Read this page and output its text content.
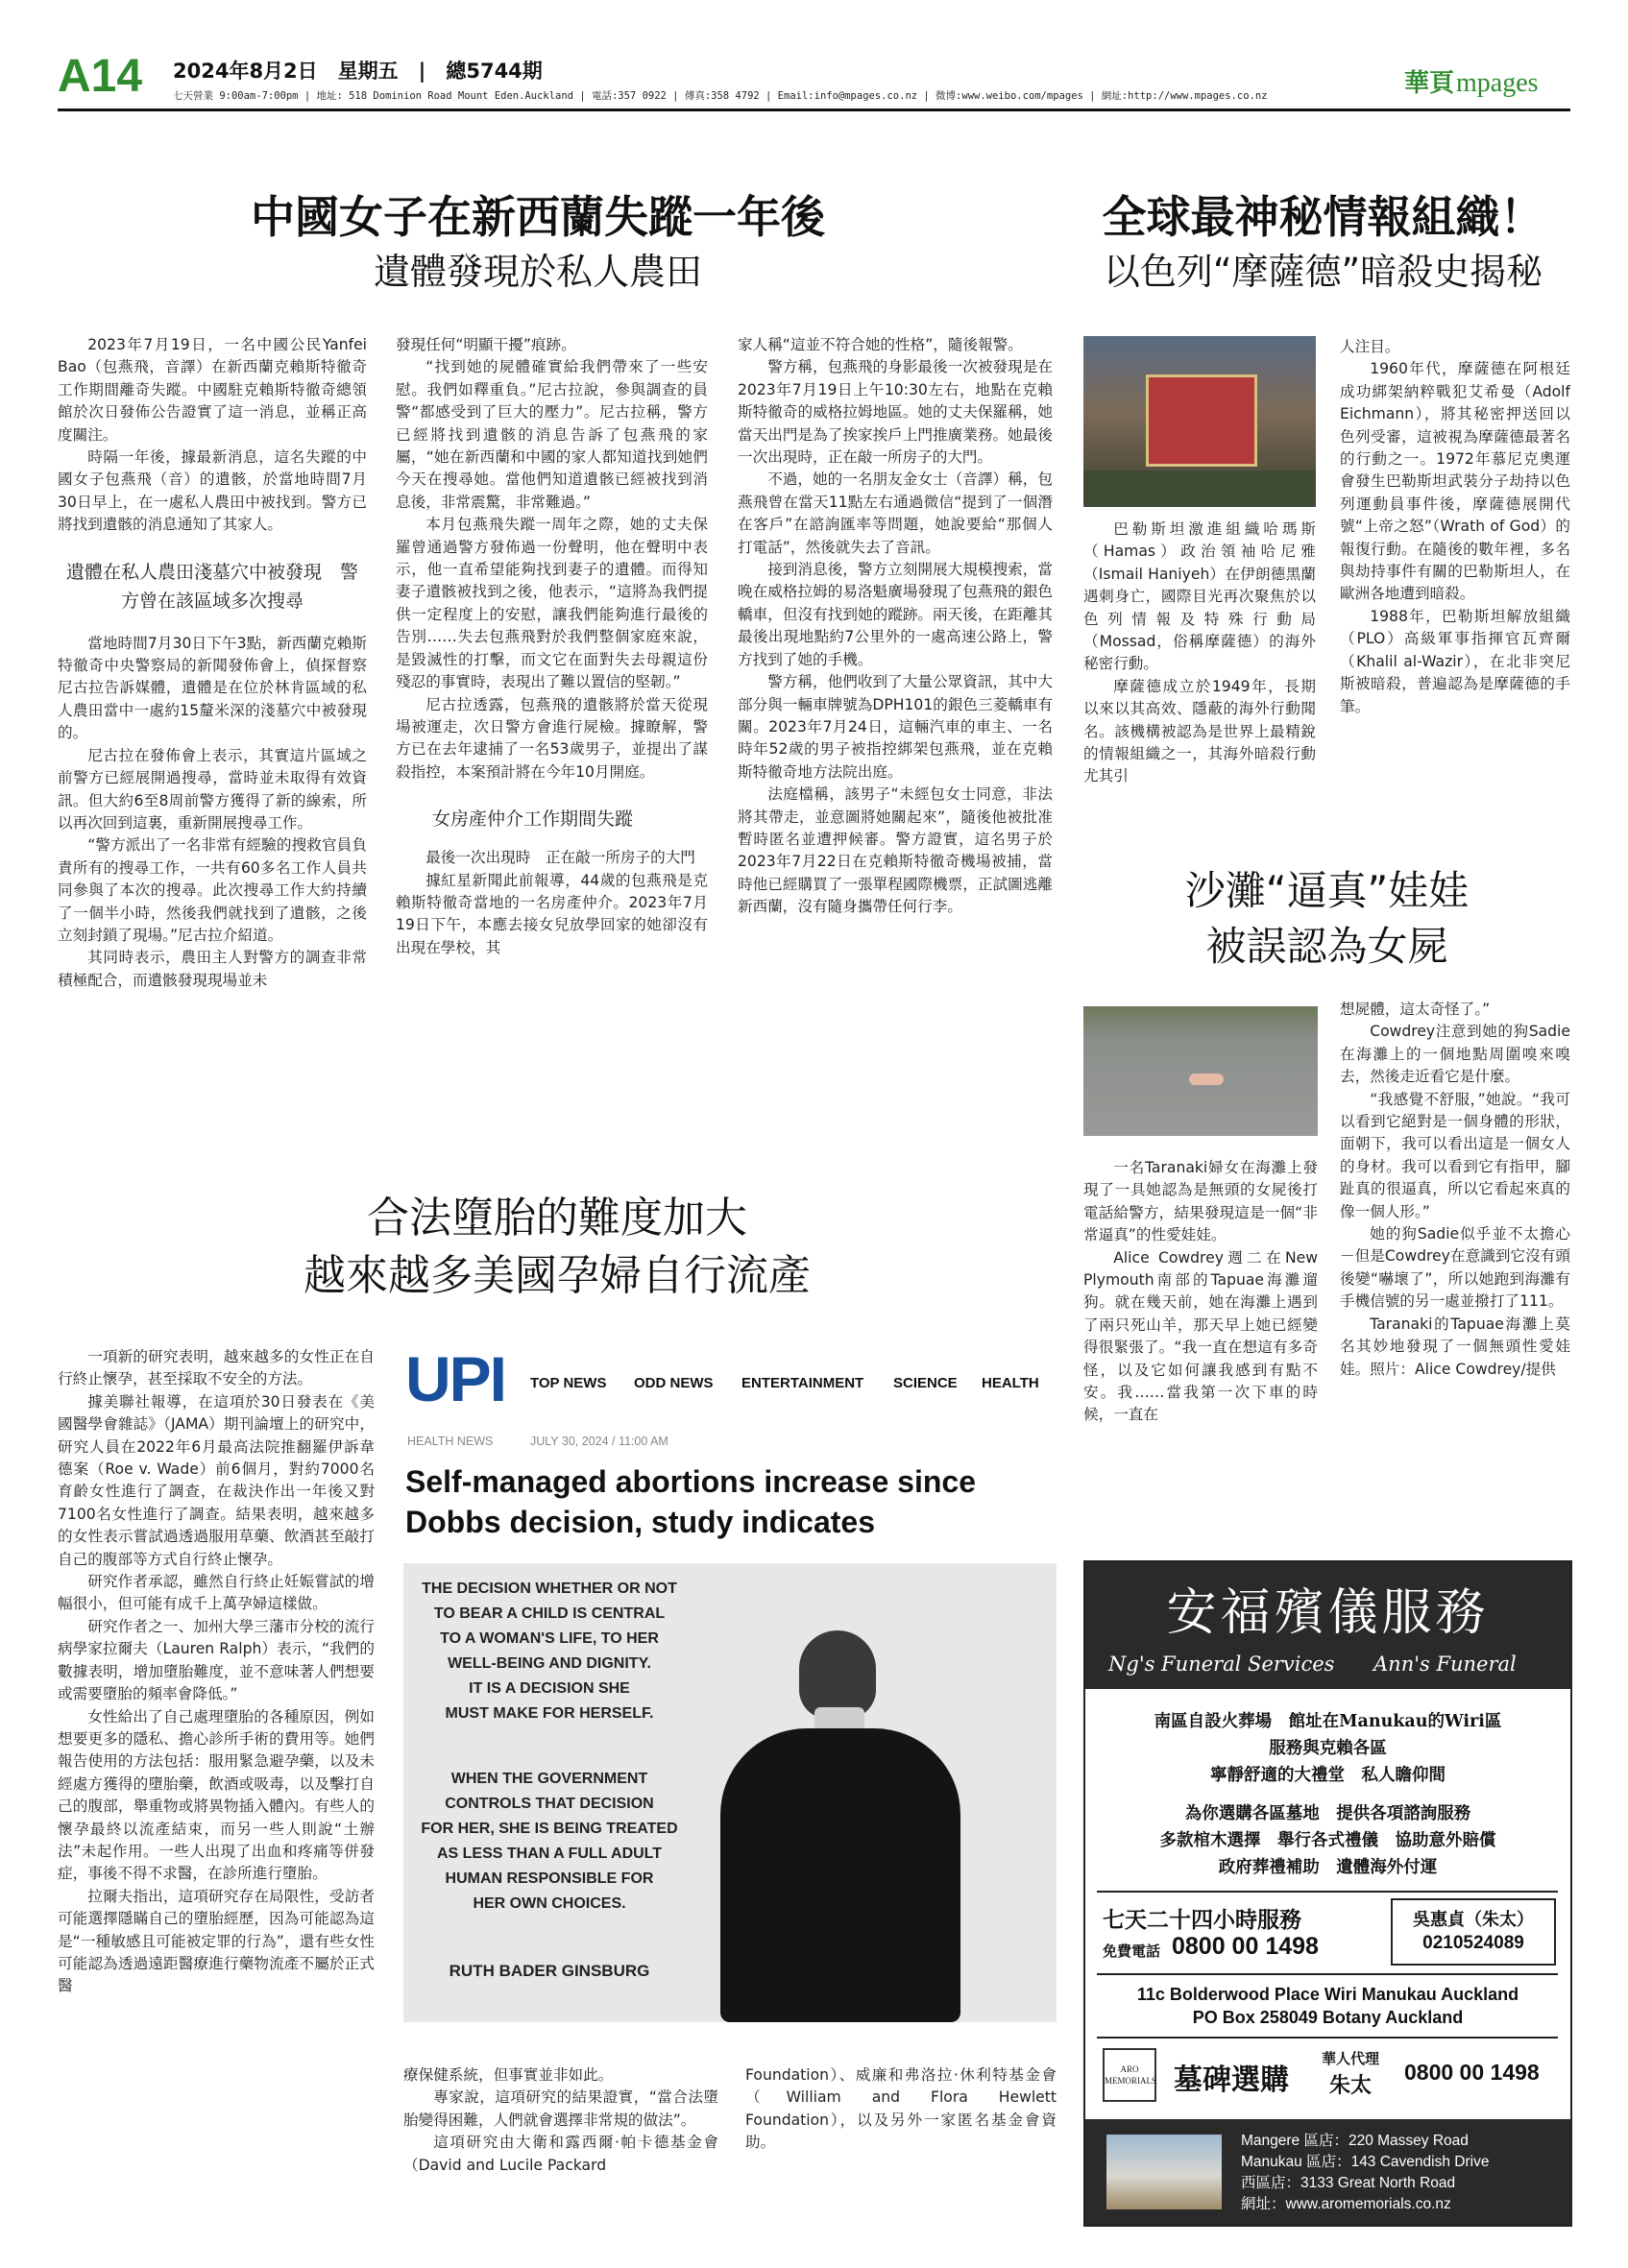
A14 2024年8月2日　星期五　|　總5744期
七天營業 9:00am-7:00pm | 地址: 518 Dominion Road Mount Eden.Auckland | 電話:357 0922 | 傳真:358 4792 | Email:info@mpages.co.nz | 微博:www.weibo.com/mpages | 網址:http://www.mpages.co.nz	華頁mpages
中國女子在新西蘭失蹤一年後
遺體發現於私人農田

2023年7月19日，一名中國公民Yanfei Bao（包燕飛，音譯）在新西蘭克賴斯特徹奇工作期間離奇失蹤。中國駐克賴斯特徹奇總領館於次日發佈公告證實了這一消息，並稱正高度關注。

時隔一年後，據最新消息，這名失蹤的中國女子包燕飛（音）的遺骸，於當地時間7月30日早上，在一處私人農田中被找到。警方已將找到遺骸的消息通知了其家人。

遺體在私人農田淺墓穴中被發現　警方曾在該區域多次搜尋

當地時間7月30日下午3點，新西蘭克賴斯特徹奇中央警察局的新聞發佈會上，偵探督察尼古拉告訴媒體，遺體是在位於林肯區域的私人農田當中一處約15釐米深的淺墓穴中被發現的。

尼古拉在發佈會上表示，其實這片區域之前警方已經展開過搜尋，當時並未取得有效資訊。但大約6至8周前警方獲得了新的線索，所以再次回到這裏，重新開展搜尋工作。

“警方派出了一名非常有經驗的搜救官員負責所有的搜尋工作，一共有60多名工作人員共同參與了本次的搜尋。此次搜尋工作大約持續了一個半小時，然後我們就找到了遺骸，之後立刻封鎖了現場。”尼古拉介紹道。

其同時表示，農田主人對警方的調查非常積極配合，而遺骸發現現場並未

發現任何“明顯干擾”痕跡。

“找到她的屍體確實給我們帶來了一些安慰。我們如釋重負。”尼古拉說，參與調查的員警“都感受到了巨大的壓力”。尼古拉稱，警方已經將找到遺骸的消息告訴了包燕飛的家屬，“她在新西蘭和中國的家人都知道找到她們今天在搜尋她。當他們知道遺骸已經被找到消息後，非常震驚，非常難過。”

本月包燕飛失蹤一周年之際，她的丈夫保羅曾通過警方發佈過一份聲明，他在聲明中表示，他一直希望能夠找到妻子的遺體。而得知妻子遺骸被找到之後，他表示，“這將為我們提供一定程度上的安慰，讓我們能夠進行最後的告別……失去包燕飛對於我們整個家庭來說，是毀滅性的打擊，而文它在面對失去母親這份殘忍的事實時，表現出了難以置信的堅韌。”

尼古拉透露，包燕飛的遺骸將於當天從現場被運走，次日警方會進行屍檢。據瞭解，警方已在去年逮捕了一名53歲男子，並提出了謀殺指控，本案預計將在今年10月開庭。

女房產仲介工作期間失蹤

最後一次出現時　正在敲一所房子的大門

據紅星新聞此前報導，44歲的包燕飛是克賴斯特徹奇當地的一名房產仲介。2023年7月19日下午，本應去接女兒放學回家的她卻沒有出現在學校，其

家人稱“這並不符合她的性格”，隨後報警。

警方稱，包燕飛的身影最後一次被發現是在2023年7月19日上午10:30左右，地點在克賴斯特徹奇的威格拉姆地區。她的丈夫保羅稱，她當天出門是為了挨家挨戶上門推廣業務。她最後一次出現時，正在敲一所房子的大門。

不過，她的一名朋友金女士（音譯）稱，包燕飛曾在當天11點左右通過微信“提到了一個潛在客戶”在諮詢匯率等問題，她說要給“那個人打電話”，然後就失去了音訊。

接到消息後，警方立刻開展大規模搜索，當晚在威格拉姆的易洛魁廣場發現了包燕飛的銀色轎車，但沒有找到她的蹤跡。兩天後，在距離其最後出現地點約7公里外的一處高速公路上，警方找到了她的手機。

警方稱，他們收到了大量公眾資訊，其中大部分與一輛車牌號為DPH101的銀色三菱轎車有關。2023年7月24日，這輛汽車的車主、一名時年52歲的男子被指控綁架包燕飛，並在克賴斯特徹奇地方法院出庭。

法庭檔稱，該男子“未經包女士同意，非法將其帶走，並意圖將她關起來”，隨後他被批准暫時匿名並遭押候審。警方證實，這名男子於2023年7月22日在克賴斯特徹奇機場被捕，當時他已經購買了一張單程國際機票，正試圖逃離新西蘭，沒有隨身攜帶任何行李。

全球最神秘情報組織！
以色列“摩薩德”暗殺史揭秘

巴勒斯坦激進組織哈瑪斯（Hamas）政治領袖哈尼雅（Ismail Haniyeh）在伊朗德黑蘭遇刺身亡，國際目光再次聚焦於以色列情報及特殊行動局（Mossad，俗稱摩薩德）的海外秘密行動。

摩薩德成立於1949年，長期以來以其高效、隱蔽的海外行動聞名。該機構被認為是世界上最精銳的情報組織之一，其海外暗殺行動尤其引

人注目。

1960年代，摩薩德在阿根廷成功綁架納粹戰犯艾希曼（Adolf Eichmann），將其秘密押送回以色列受審，這被視為摩薩德最著名的行動之一。1972年慕尼克奧運會發生巴勒斯坦武裝分子劫持以色列運動員事件後，摩薩德展開代號“上帝之怒”（Wrath of God）的報復行動。在隨後的數年裡，多名與劫持事件有關的巴勒斯坦人，在歐洲各地遭到暗殺。

1988年，巴勒斯坦解放組織（PLO）高級軍事指揮官瓦齊爾（Khalil al-Wazir），在北非突尼斯被暗殺，普遍認為是摩薩德的手筆。

沙灘“逼真”娃娃
被誤認為女屍

一名Taranaki婦女在海灘上發現了一具她認為是無頭的女屍後打電話給警方，結果發現這是一個“非常逼真”的性愛娃娃。

Alice Cowdrey週二在New Plymouth南部的Tapuae海灘遛狗。就在幾天前，她在海灘上遇到了兩只死山羊，那天早上她已經變得很緊張了。“我一直在想這有多奇怪，以及它如何讓我感到有點不安。我……當我第一次下車的時候，一直在

想屍體，這太奇怪了。”

Cowdrey注意到她的狗Sadie在海灘上的一個地點周圍嗅來嗅去，然後走近看它是什麼。

“我感覺不舒服，”她說。“我可以看到它絕對是一個身體的形狀，面朝下，我可以看出這是一個女人的身材。我可以看到它有指甲，腳趾真的很逼真，所以它看起來真的像一個人形。”

她的狗Sadie似乎並不太擔心－但是Cowdrey在意識到它沒有頭後變“嚇壞了”，所以她跑到海灘有手機信號的另一處並撥打了111。

Taranaki的Tapuae海灘上莫名其妙地發現了一個無頭性愛娃娃。照片：Alice Cowdrey/提供

合法墮胎的難度加大
越來越多美國孕婦自行流產

一項新的研究表明，越來越多的女性正在自行終止懷孕，甚至採取不安全的方法。

據美聯社報導，在這項於30日發表在《美國醫學會雜誌》（JAMA）期刊論壇上的研究中，研究人員在2022年6月最高法院推翻羅伊訴韋德案（Roe v. Wade）前6個月，對約7000名育齡女性進行了調查，在裁決作出一年後又對7100名女性進行了調查。結果表明，越來越多的女性表示嘗試過透過服用草藥、飲酒甚至敲打自己的腹部等方式自行終止懷孕。

研究作者承認，雖然自行終止妊娠嘗試的增幅很小，但可能有成千上萬孕婦這樣做。

研究作者之一、加州大學三藩市分校的流行病學家拉爾夫（Lauren Ralph）表示，“我們的數據表明，增加墮胎難度，並不意味著人們想要或需要墮胎的頻率會降低。”

女性給出了自己處理墮胎的各種原因，例如想要更多的隱私、擔心診所手術的費用等。她們報告使用的方法包括：服用緊急避孕藥，以及未經處方獲得的墮胎藥，飲酒或吸毒，以及擊打自己的腹部，舉重物或將異物插入體內。有些人的懷孕最終以流產結束，而另一些人則說“土辦法”未起作用。一些人出現了出血和疼痛等併發症，事後不得不求醫，在診所進行墮胎。

拉爾夫指出，這項研究存在局限性，受訪者可能選擇隱瞞自己的墮胎經歷，因為可能認為這是“一種敏感且可能被定罪的行為”，還有些女性可能認為透過遠距醫療進行藥物流產不屬於正式醫

UPI TOP NEWS ODD NEWS ENTERTAINMENT SCIENCE HEALTH
HEALTH NEWS	JULY 30, 2024 / 11:00 AM
Self-managed abortions increase since Dobbs decision, study indicates
THE DECISION WHETHER OR NOT
TO BEAR A CHILD IS CENTRAL
TO A WOMAN'S LIFE, TO HER
WELL-BEING AND DIGNITY.
IT IS A DECISION SHE
MUST MAKE FOR HERSELF.
WHEN THE GOVERNMENT
CONTROLS THAT DECISION
FOR HER, SHE IS BEING TREATED
AS LESS THAN A FULL ADULT
HUMAN RESPONSIBLE FOR
HER OWN CHOICES.
RUTH BADER GINSBURG

療保健系統，但事實並非如此。

專家說，這項研究的結果證實，“當合法墮胎變得困難，人們就會選擇非常規的做法”。

這項研究由大衛和露西爾·帕卡德基金會（David and Lucile Packard

Foundation）、威廉和弗洛拉·休利特基金會（William and Flora Hewlett Foundation），以及另外一家匿名基金會資助。

安福殯儀服務
Ng's Funeral Services	Ann's Funeral
南區自設火葬場　館址在Manukau的Wiri區
服務與克賴各區
寧靜舒適的大禮堂　私人瞻仰間
為你選購各區墓地　提供各項諮詢服務
多款棺木選擇　舉行各式禮儀　協助意外賠償
政府葬禮補助　遺體海外付運
七天二十四小時服務
免費電話 0800 00 1498
吳惠貞（朱太）
0210524089
11c Bolderwood Place Wiri Manukau Auckland
PO Box 258049 Botany Auckland
ARO MEMORIALS 墓碑選購
華人代理
朱太
0800 00 1498
Mangere 區店：220 Massey Road
Manukau 區店：143 Cavendish Drive
西區店：3133 Great North Road
網址：www.aromemorials.co.nz
